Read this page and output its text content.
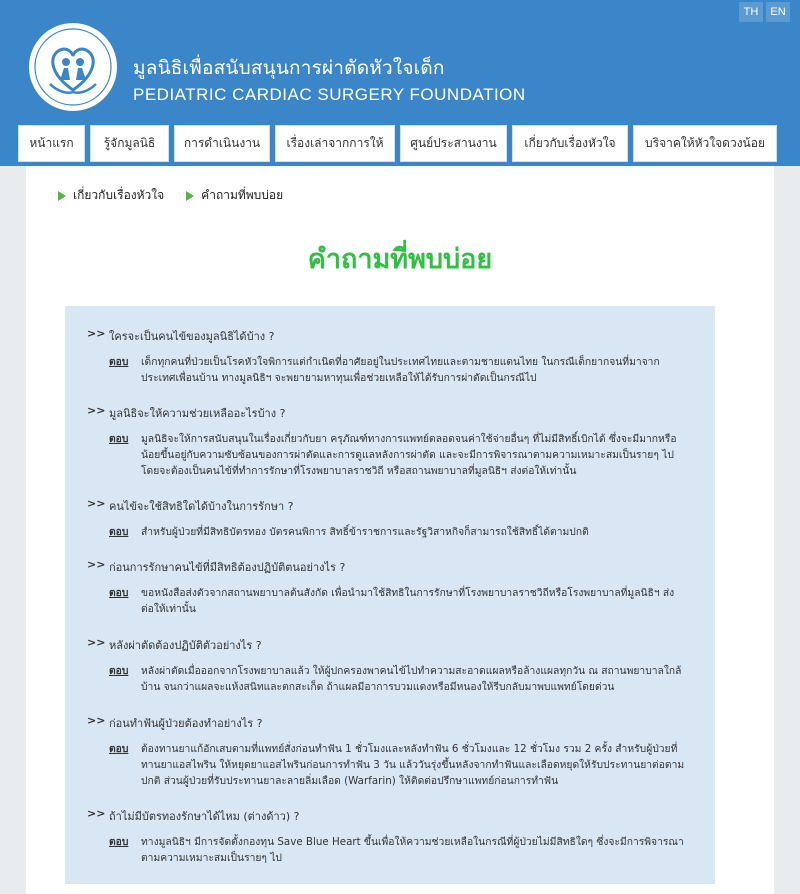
TH	EN
มูลนิธิเพื่อสนับสนุนการผ่าตัดหัวใจเด็ก
PEDIATRIC CARDIAC SURGERY FOUNDATION
หน้าแรก	รู้จักมูลนิธิ	การดำเนินงาน	เรื่องเล่าจากการให้	ศูนย์ประสานงาน	เกี่ยวกับเรื่องหัวใจ	บริจาคให้หัวใจดวงน้อย
เกี่ยวกับเรื่องหัวใจ	คำถามที่พบบ่อย
คำถามที่พบบ่อย
>> ใครจะเป็นคนไข้ของมูลนิธิได้บ้าง ?
ตอบ	เด็กทุกคนที่ป่วยเป็นโรคหัวใจพิการแต่กำเนิดที่อาศัยอยู่ในประเทศไทยและตามชายแดนไทย ในกรณีเด็กยากจนที่มาจากประเทศเพื่อนบ้าน ทางมูลนิธิฯ จะพยายามหาทุนเพื่อช่วยเหลือให้ได้รับการผ่าตัดเป็นกรณีไป
>> มูลนิธิจะให้ความช่วยเหลืออะไรบ้าง ?
ตอบ	มูลนิธิจะให้การสนับสนุนในเรื่องเกี่ยวกับยา ครุภัณฑ์ทางการแพทย์ตลอดจนค่าใช้จ่ายอื่นๆ ที่ไม่มีสิทธิ์เบิกได้ ซึ่งจะมีมากหรือน้อยขึ้นอยู่กับความซับซ้อนของการผ่าตัดและการดูแลหลังการผ่าตัด และจะมีการพิจารณาตามความเหมาะสมเป็นรายๆ ไป โดยจะต้องเป็นคนไข้ที่ทำการรักษาที่โรงพยาบาลราชวิถี หรือสถานพยาบาลที่มูลนิธิฯ ส่งต่อให้เท่านั้น
>> คนไข้จะใช้สิทธิใดได้บ้างในการรักษา ?
ตอบ	สำหรับผู้ป่วยที่มีสิทธิบัตรทอง บัตรคนพิการ สิทธิ์ข้าราชการและรัฐวิสาหกิจก็สามารถใช้สิทธิ์ได้ตามปกติ
>> ก่อนการรักษาคนไข้ที่มีสิทธิต้องปฏิบัติตนอย่างไร ?
ตอบ	ขอหนังสือส่งตัวจากสถานพยาบาลต้นสังกัด เพื่อนำมาใช้สิทธิในการรักษาที่โรงพยาบาลราชวิถีหรือโรงพยาบาลที่มูลนิธิฯ ส่งต่อให้เท่านั้น
>> หลังผ่าตัดต้องปฏิบัติตัวอย่างไร ?
ตอบ	หลังผ่าตัดเมื่อออกจากโรงพยาบาลแล้ว ให้ผู้ปกครองพาคนไข้ไปทำความสะอาดแผลหรือล้างแผลทุกวัน ณ สถานพยาบาลใกล้บ้าน จนกว่าแผลจะแห้งสนิทและตกสะเก็ด ถ้าแผลมีอาการบวมแดงหรือมีหนองให้รีบกลับมาพบแพทย์โดยด่วน
>> ก่อนทำฟันผู้ป่วยต้องทำอย่างไร ?
ตอบ	ต้องทานยาแก้อักเสบตามที่แพทย์สั่งก่อนทำฟัน 1 ชั่วโมงและหลังทำฟัน 6 ชั่วโมงและ 12 ชั่วโมง รวม 2 ครั้ง สำหรับผู้ป่วยที่ทานยาแอสไพริน ให้หยุดยาแอสไพรินก่อนการทำฟัน 3 วัน แล้ววันรุ่งขึ้นหลังจากทำฟันและเลือดหยุดให้รับประทานยาต่อตามปกติ ส่วนผู้ป่วยที่รับประทานยาละลายลิ่มเลือด (Warfarin) ให้ติดต่อปรึกษาแพทย์ก่อนการทำฟัน
>> ถ้าไม่มีบัตรทองรักษาได้ไหม (ต่างด้าว) ?
ตอบ	ทางมูลนิธิฯ มีการจัดตั้งกองทุน Save Blue Heart ขึ้นเพื่อให้ความช่วยเหลือในกรณีที่ผู้ป่วยไม่มีสิทธิใดๆ ซึ่งจะมีการพิจารณาตามความเหมาะสมเป็นรายๆ ไป
